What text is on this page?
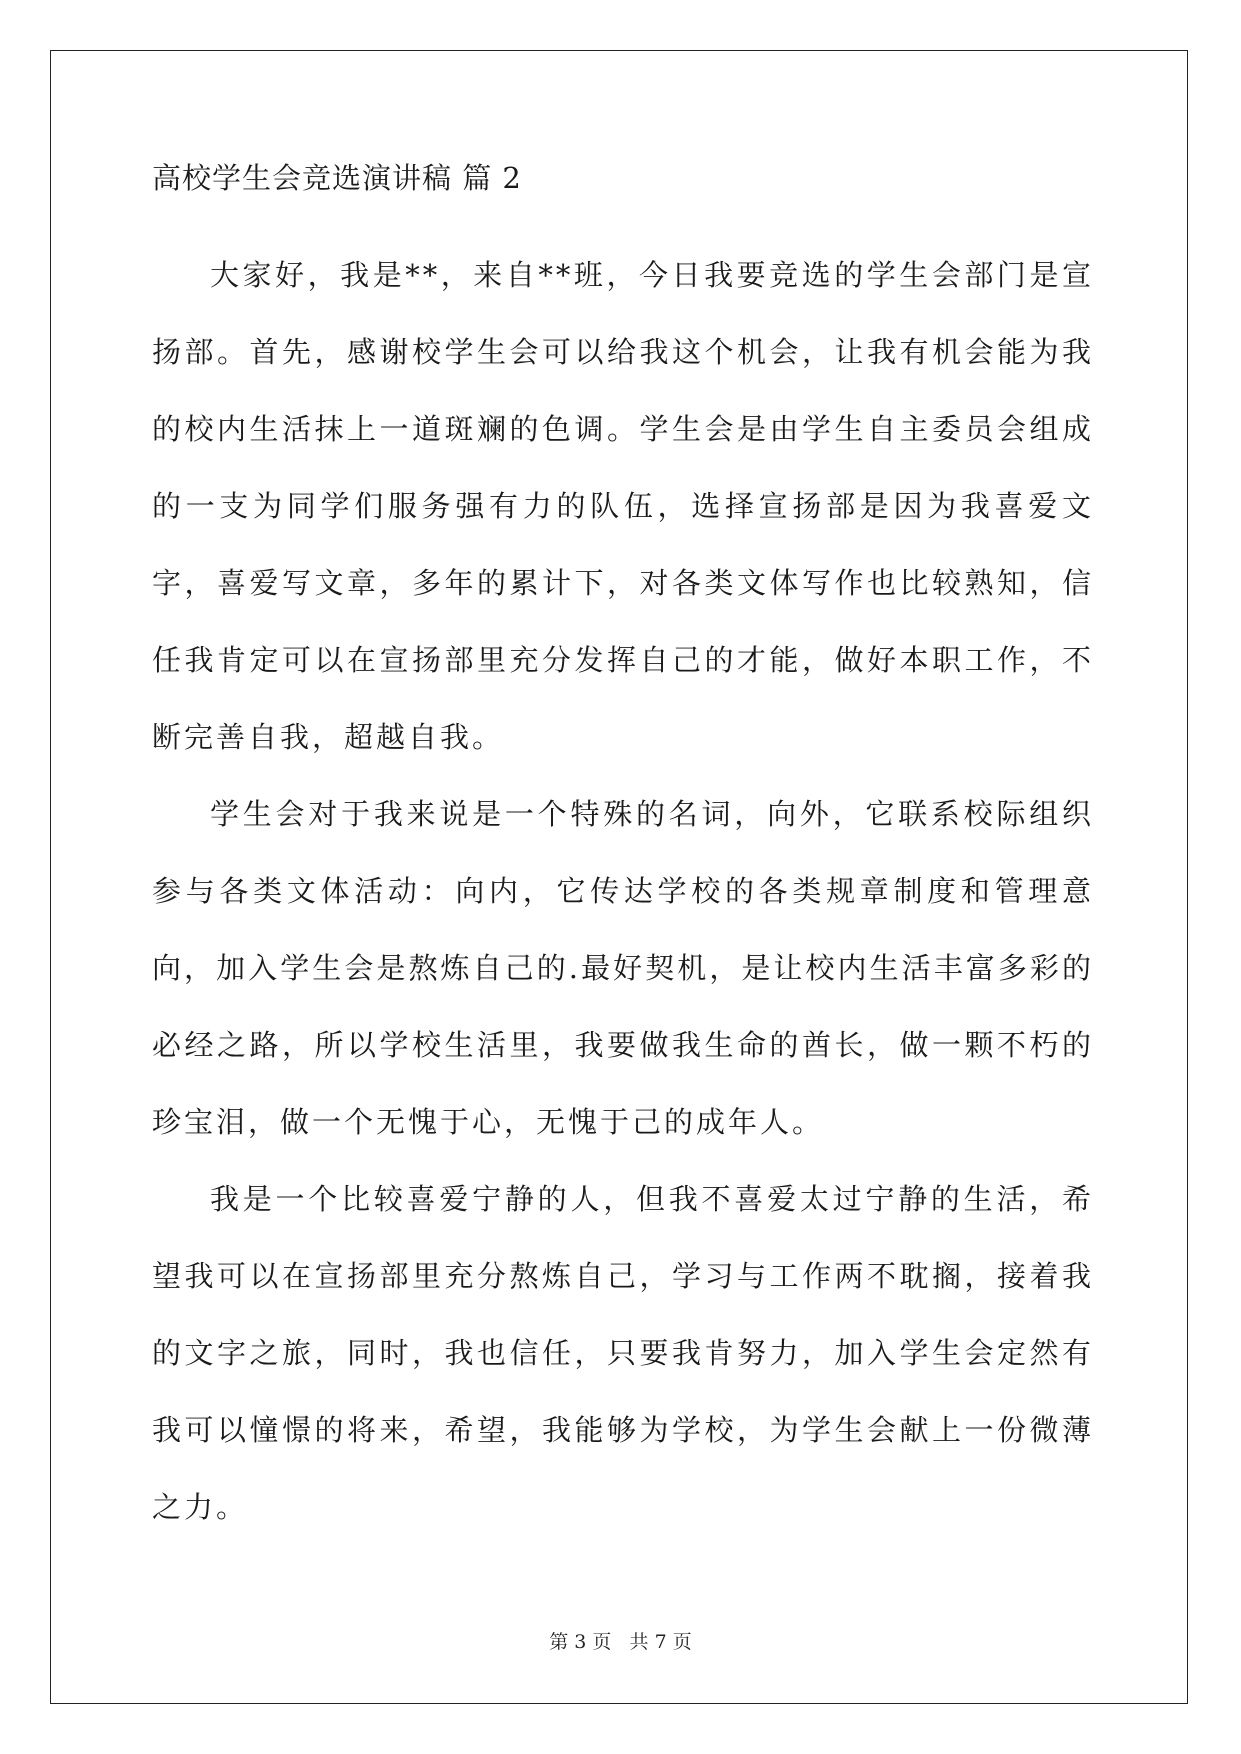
高校学生会竞选演讲稿 篇 2

大家好，我是**，来自**班，今日我要竞选的学生会部门是宣扬部。首先，感谢校学生会可以给我这个机会，让我有机会能为我的校内生活抹上一道斑斓的色调。学生会是由学生自主委员会组成的一支为同学们服务强有力的队伍，选择宣扬部是因为我喜爱文字，喜爱写文章，多年的累计下，对各类文体写作也比较熟知，信任我肯定可以在宣扬部里充分发挥自己的才能，做好本职工作，不断完善自我，超越自我。

学生会对于我来说是一个特殊的名词，向外，它联系校际组织参与各类文体活动：向内，它传达学校的各类规章制度和管理意向，加入学生会是熬炼自己的.最好契机，是让校内生活丰富多彩的必经之路，所以学校生活里，我要做我生命的酋长，做一颗不朽的珍宝泪，做一个无愧于心，无愧于己的成年人。

我是一个比较喜爱宁静的人，但我不喜爱太过宁静的生活，希望我可以在宣扬部里充分熬炼自己，学习与工作两不耽搁，接着我的文字之旅，同时，我也信任，只要我肯努力，加入学生会定然有我可以憧憬的将来，希望，我能够为学校，为学生会献上一份微薄之力。

第 3 页   共 7 页
